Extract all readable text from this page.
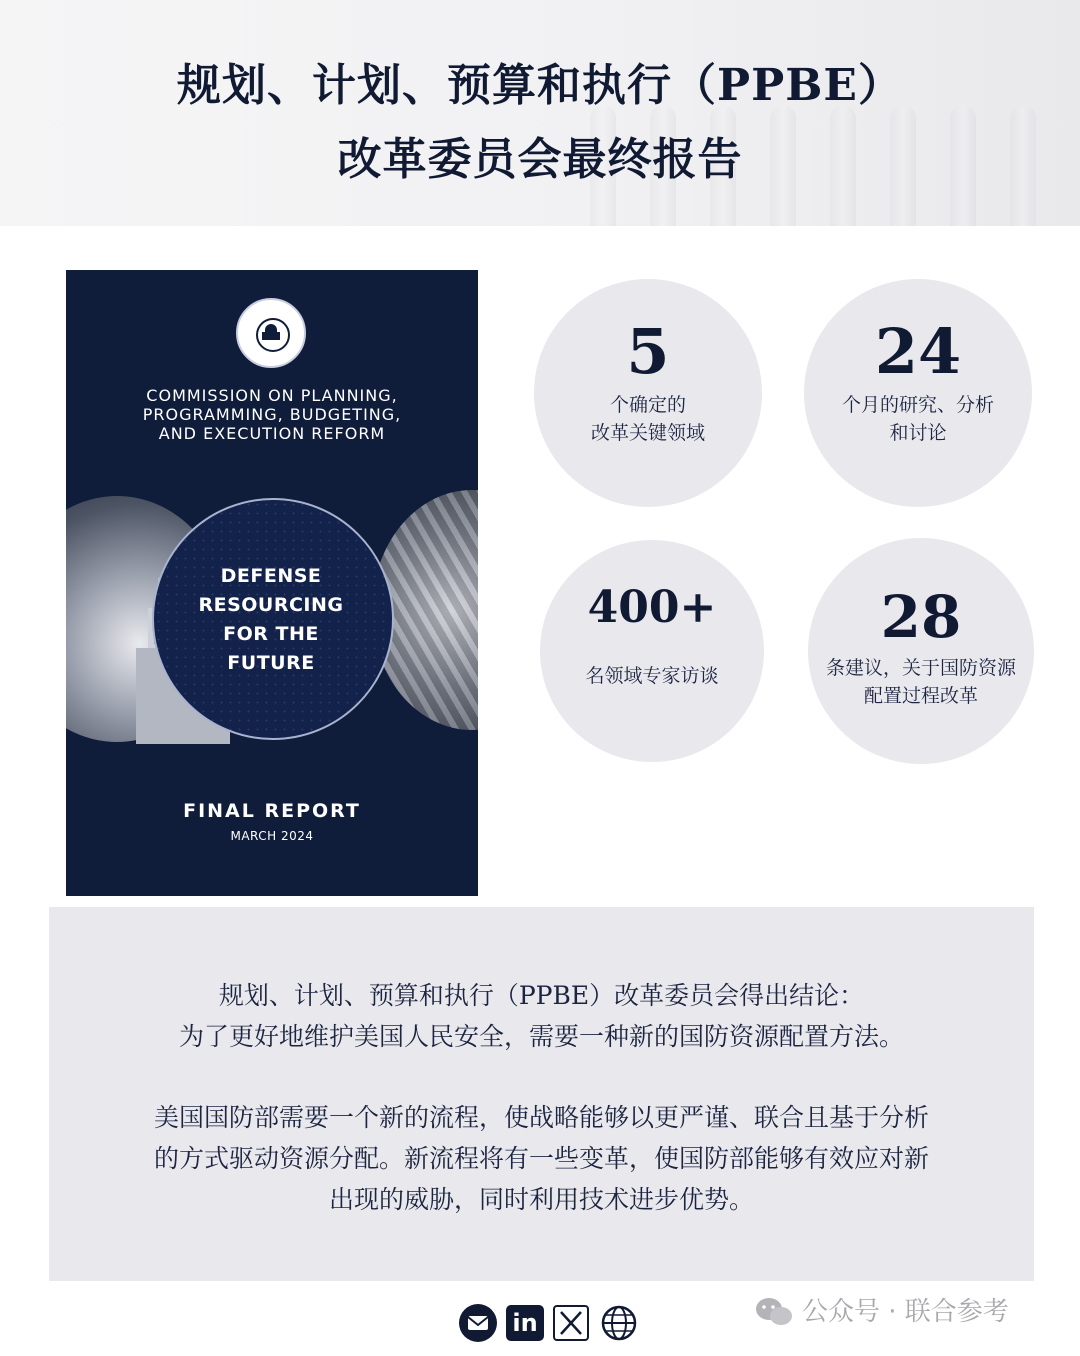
规划、计划、预算和执行（PPBE）
改革委员会最终报告
COMMISSION ON PLANNING,
PROGRAMMING, BUDGETING,
AND EXECUTION REFORM
DEFENSE
RESOURCING
FOR THE
FUTURE
FINAL REPORT
MARCH 2024
5
个确定的
改革关键领域
24
个月的研究、分析
和讨论
400+
名领域专家访谈
28
条建议，关于国防资源
配置过程改革
规划、计划、预算和执行（PPBE）改革委员会得出结论：
为了更好地维护美国人民安全，需要一种新的国防资源配置方法。
美国国防部需要一个新的流程，使战略能够以更严谨、联合且基于分析
的方式驱动资源分配。新流程将有一些变革，使国防部能够有效应对新
出现的威胁，同时利用技术进步优势。
in	公众号 · 联合参考
